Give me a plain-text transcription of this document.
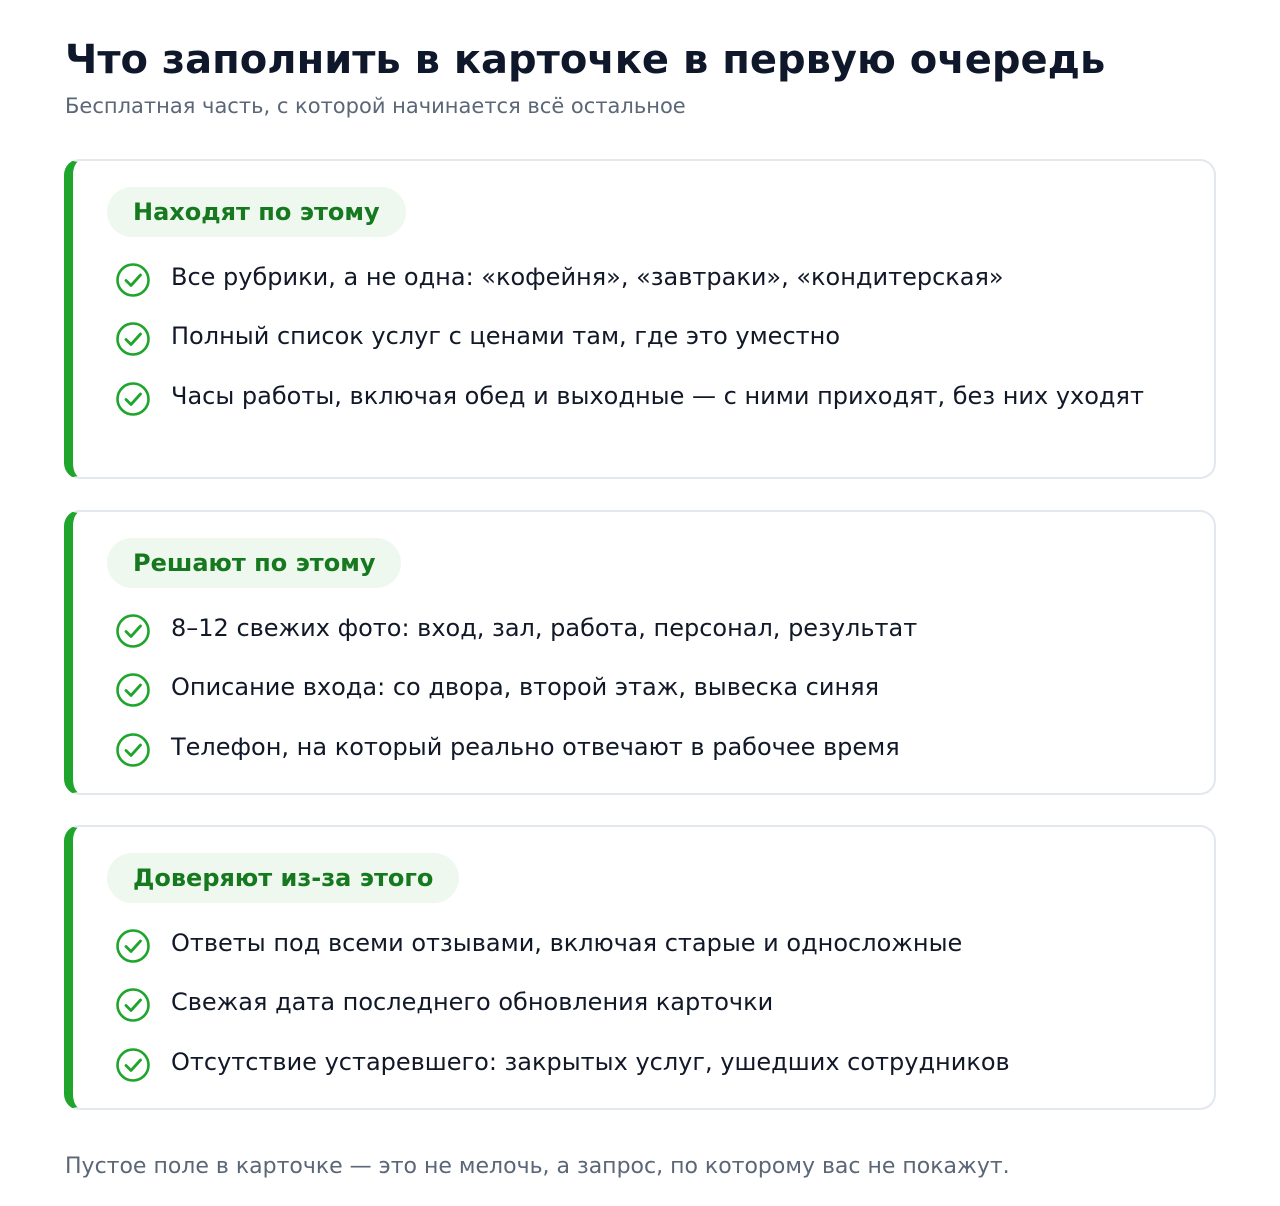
Что заполнить в карточке в первую очередь

Бесплатная часть, с которой начинается всё остальное

Находят по этому
Все рубрики, а не одна: «кофейня», «завтраки», «кондитерская»
Полный список услуг с ценами там, где это уместно
Часы работы, включая обед и выходные — с ними приходят, без них уходят
Решают по этому
8–12 свежих фото: вход, зал, работа, персонал, результат
Описание входа: со двора, второй этаж, вывеска синяя
Телефон, на который реально отвечают в рабочее время
Доверяют из-за этого
Ответы под всеми отзывами, включая старые и односложные
Свежая дата последнего обновления карточки
Отсутствие устаревшего: закрытых услуг, ушедших сотрудников

Пустое поле в карточке — это не мелочь, а запрос, по которому вас не покажут.
